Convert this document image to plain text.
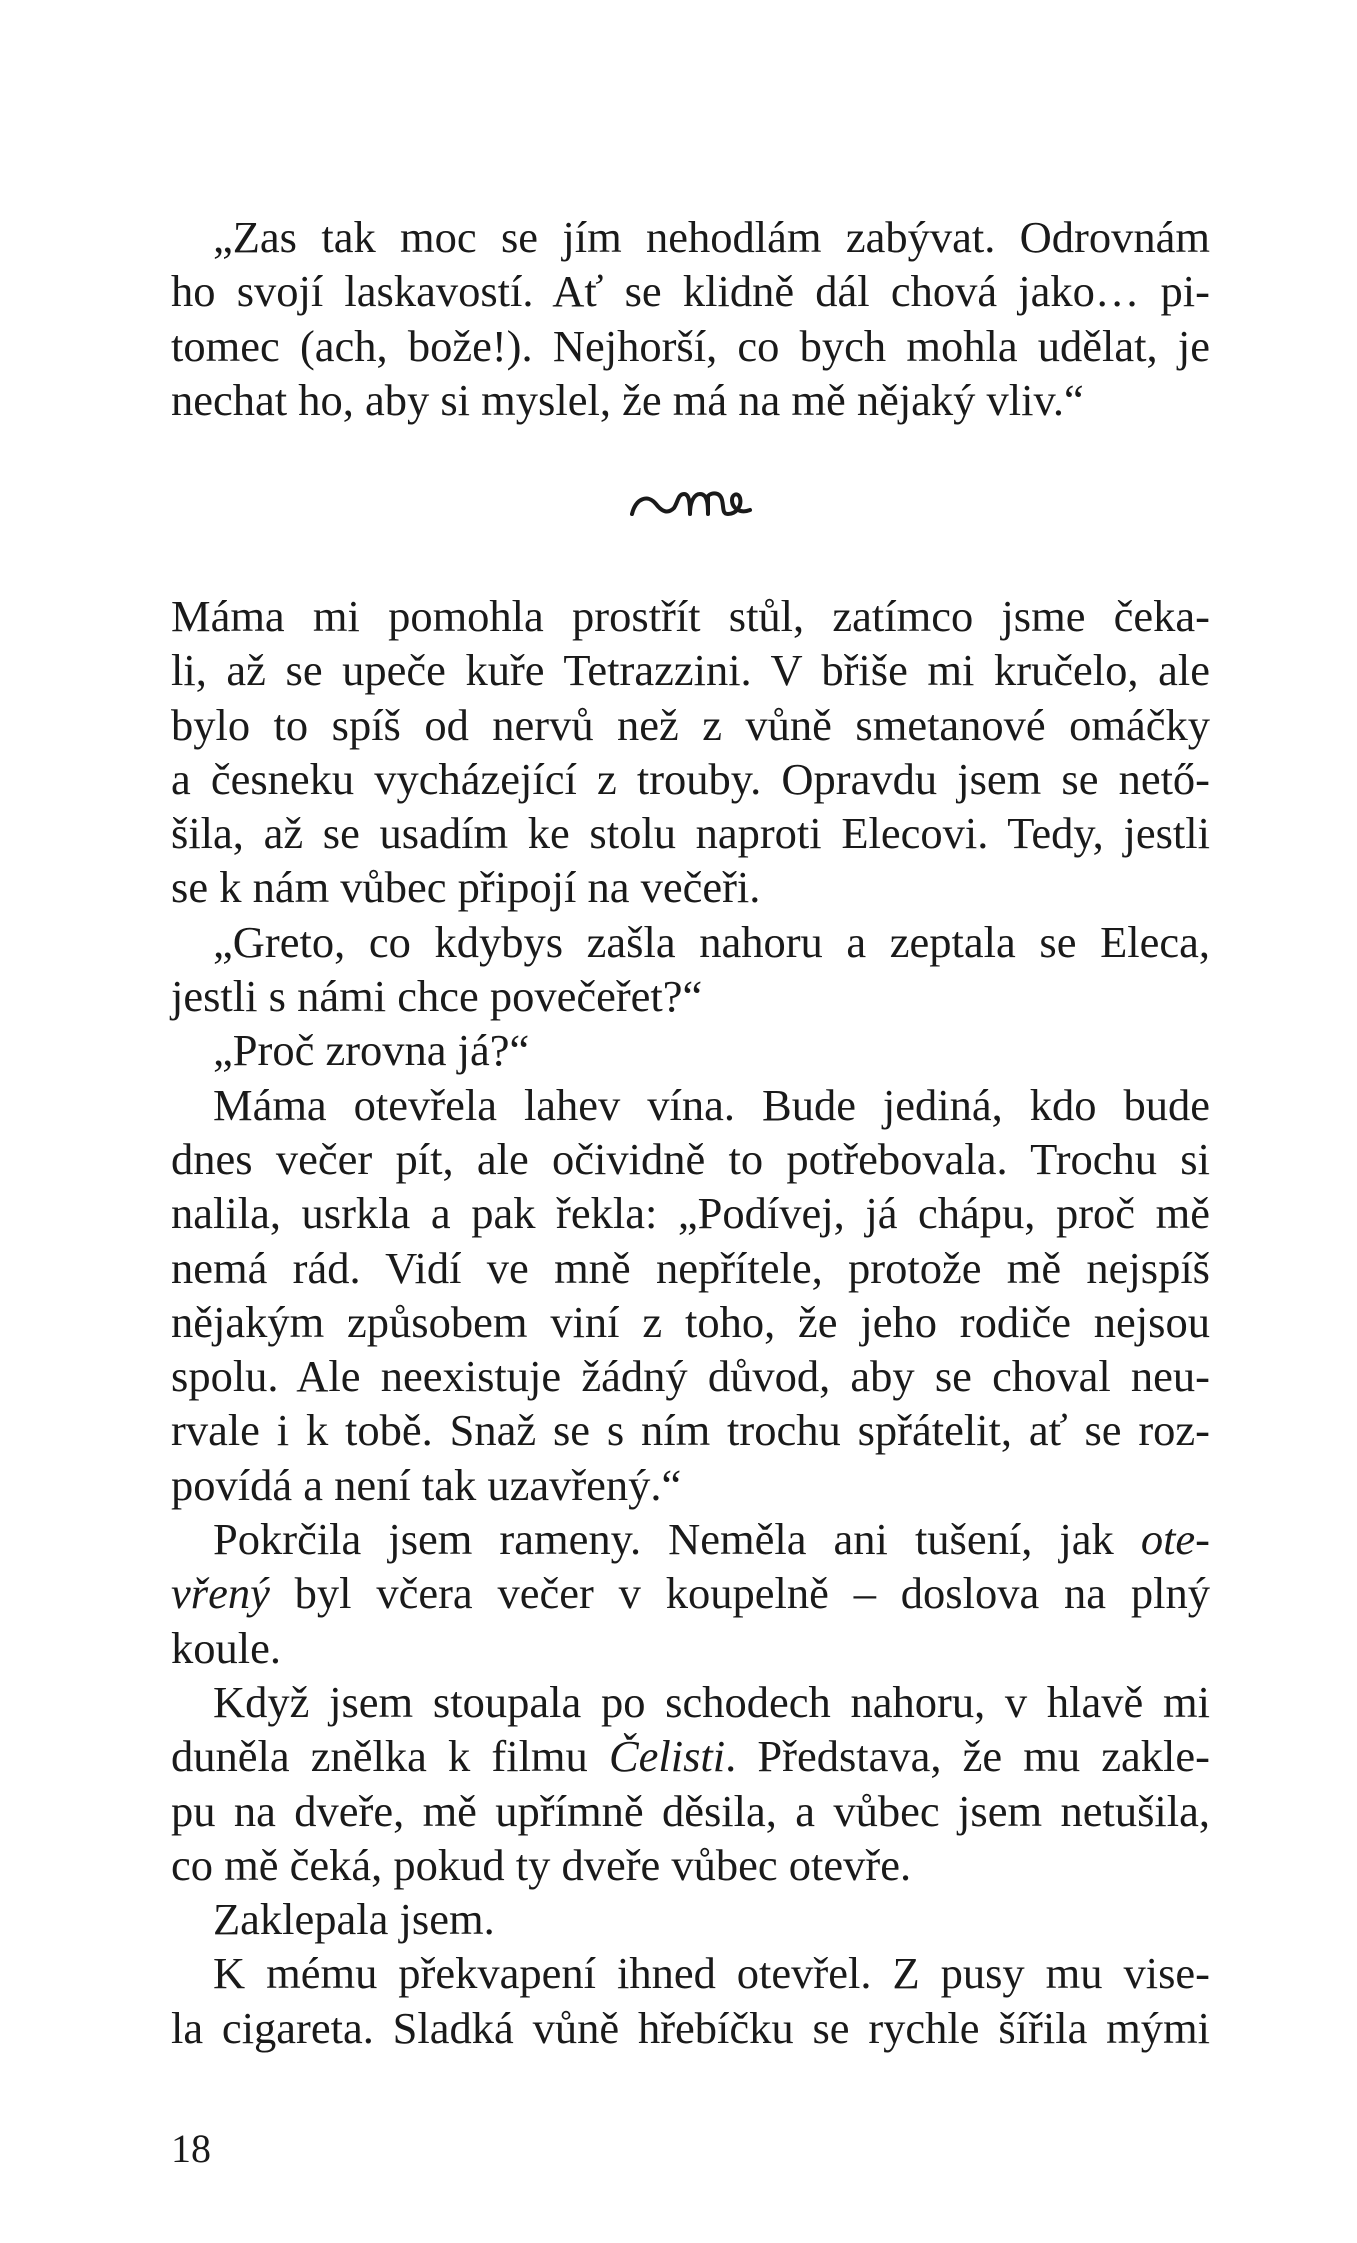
„Zas tak moc se jím nehodlám zabývat. Odrovnám
ho svojí laskavostí. Ať se klidně dál chová jako… pi-
tomec (ach, bože!). Nejhorší, co bych mohla udělat, je
nechat ho, aby si myslel, že má na mě nějaký vliv.“
Máma mi pomohla prostřít stůl, zatímco jsme čeka-
li, až se upeče kuře Tetrazzini. V břiše mi kručelo, ale
bylo to spíš od nervů než z vůně smetanové omáčky
a česneku vycházející z trouby. Opravdu jsem se nető-
šila, až se usadím ke stolu naproti Elecovi. Tedy, jestli
se k nám vůbec připojí na večeři.
„Greto, co kdybys zašla nahoru a zeptala se Eleca,
jestli s námi chce povečeřet?“
„Proč zrovna já?“
Máma otevřela lahev vína. Bude jediná, kdo bude
dnes večer pít, ale očividně to potřebovala. Trochu si
nalila, usrkla a pak řekla: „Podívej, já chápu, proč mě
nemá rád. Vidí ve mně nepřítele, protože mě nejspíš
nějakým způsobem viní z toho, že jeho rodiče nejsou
spolu. Ale neexistuje žádný důvod, aby se choval neu-
rvale i k tobě. Snaž se s ním trochu spřátelit, ať se roz-
povídá a není tak uzavřený.“
Pokrčila jsem rameny. Neměla ani tušení, jak ote-
vřený byl včera večer v koupelně – doslova na plný
koule.
Když jsem stoupala po schodech nahoru, v hlavě mi
duněla znělka k filmu Čelisti. Představa, že mu zakle-
pu na dveře, mě upřímně děsila, a vůbec jsem netušila,
co mě čeká, pokud ty dveře vůbec otevře.
Zaklepala jsem.
K mému překvapení ihned otevřel. Z pusy mu vise-
la cigareta. Sladká vůně hřebíčku se rychle šířila mými
18
